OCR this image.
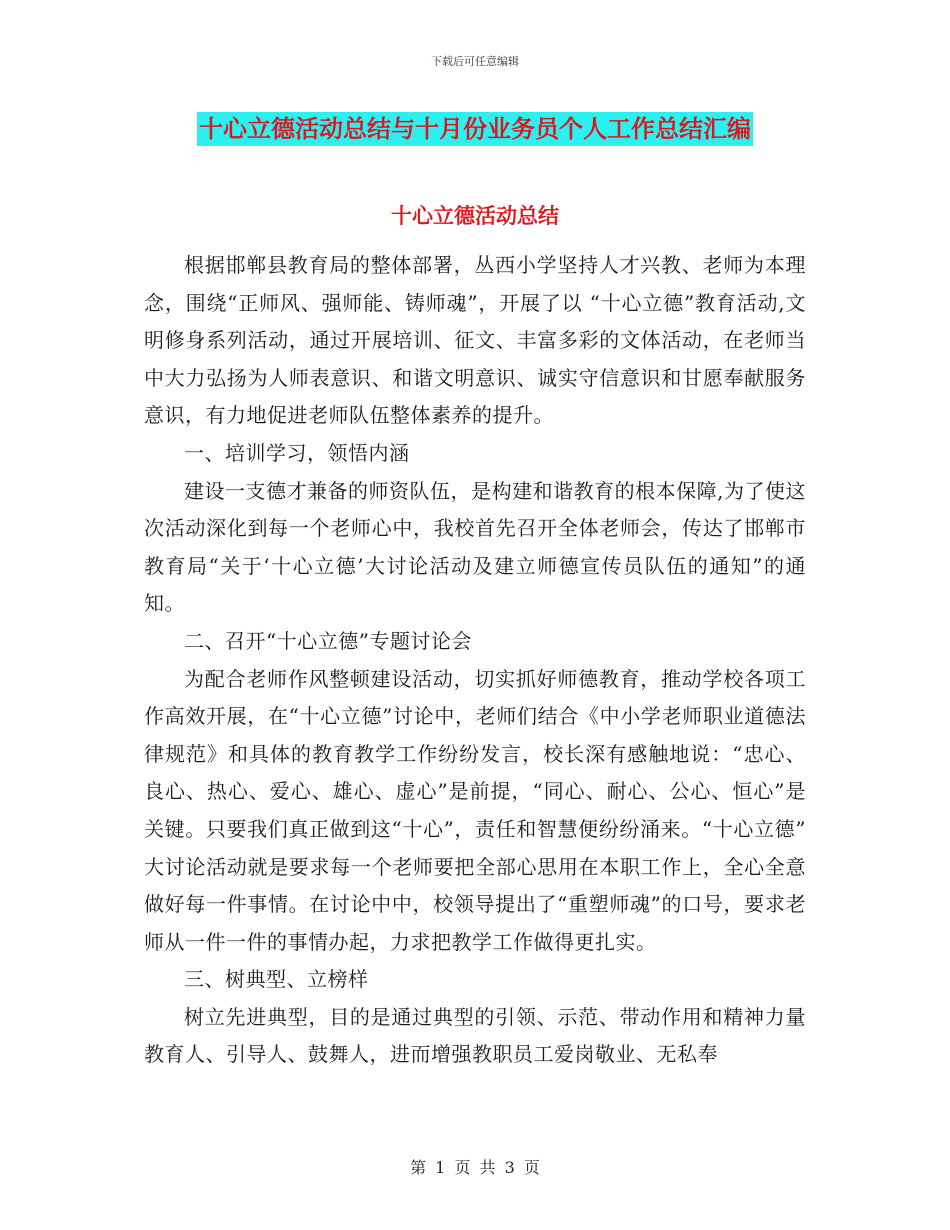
下载后可任意编辑
十心立德活动总结与十月份业务员个人工作总结汇编
十心立德活动总结

根据邯郸县教育局的整体部署，丛西小学坚持人才兴教、老师为本理念，围绕“正师风、强师能、铸师魂”，开展了以 “十心立德”教育活动,文明修身系列活动，通过开展培训、征文、丰富多彩的文体活动，在老师当中大力弘扬为人师表意识、和谐文明意识、诚实守信意识和甘愿奉献服务意识，有力地促进老师队伍整体素养的提升。

一、培训学习，领悟内涵

建设一支德才兼备的师资队伍，是构建和谐教育的根本保障,为了使这次活动深化到每一个老师心中，我校首先召开全体老师会，传达了邯郸市教育局“关于‘十心立德’大讨论活动及建立师德宣传员队伍的通知”的通知。

二、召开“十心立德”专题讨论会

为配合老师作风整顿建设活动，切实抓好师德教育，推动学校各项工作高效开展，在“十心立德”讨论中，老师们结合《中小学老师职业道德法律规范》和具体的教育教学工作纷纷发言，校长深有感触地说：“忠心、良心、热心、爱心、雄心、虚心”是前提，“同心、耐心、公心、恒心”是关键。只要我们真正做到这“十心”，责任和智慧便纷纷涌来。“十心立德” 大讨论活动就是要求每一个老师要把全部心思用在本职工作上，全心全意做好每一件事情。在讨论中中，校领导提出了“重塑师魂”的口号，要求老师从一件一件的事情办起，力求把教学工作做得更扎实。

三、树典型、立榜样

树立先进典型，目的是通过典型的引领、示范、带动作用和精神力量教育人、引导人、鼓舞人，进而增强教职员工爱岗敬业、无私奉

第 1 页 共 3 页
